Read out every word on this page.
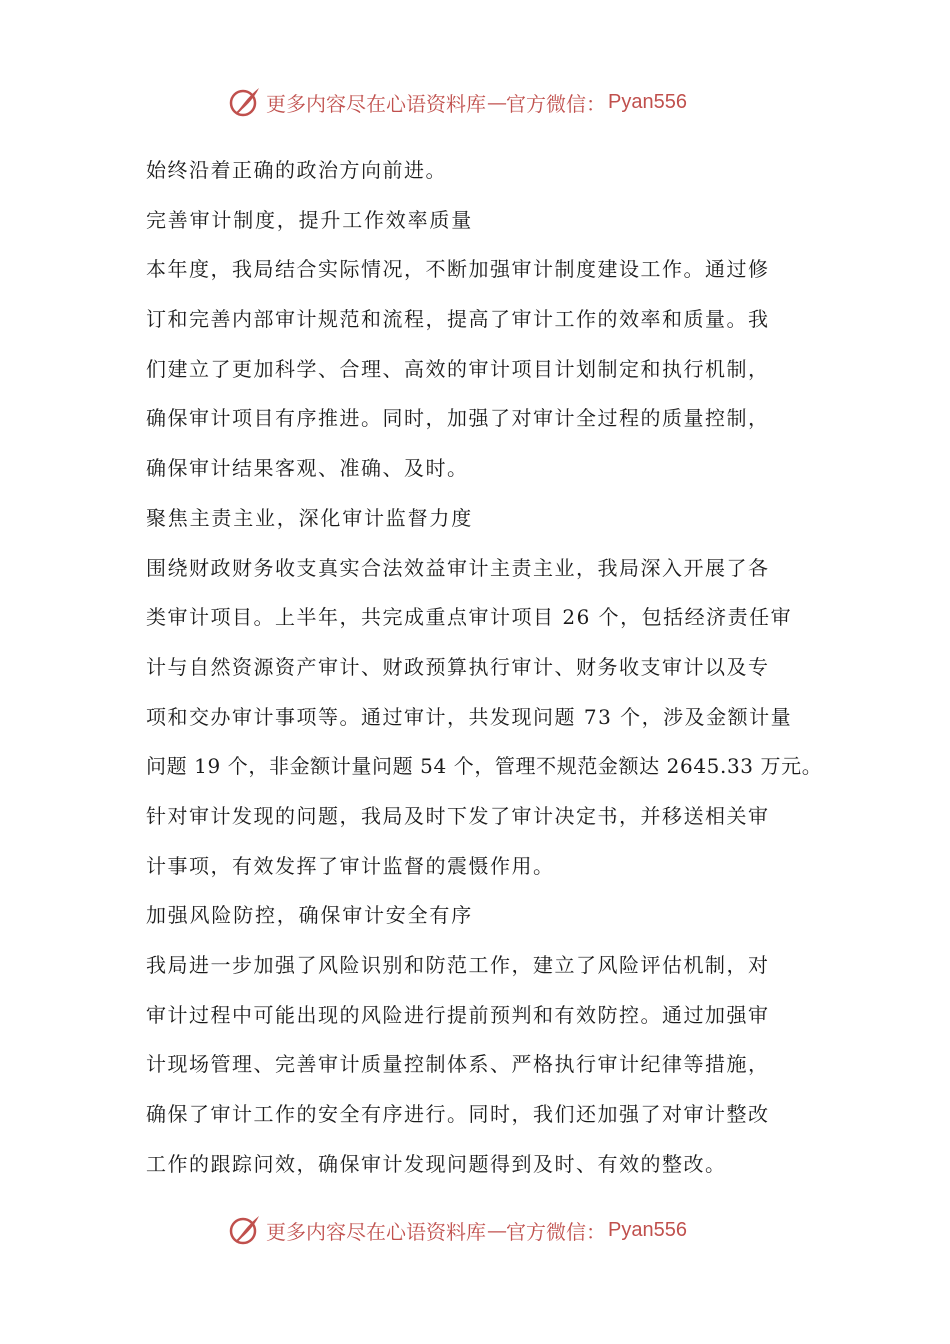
更多内容尽在心语资料库 — 官方微信： Pyan556
始终沿着正确的政治方向前进。
完善审计制度，提升工作效率质量
本年度，我局结合实际情况，不断加强审计制度建设工作。通过修
订和完善内部审计规范和流程，提高了审计工作的效率和质量。我
们建立了更加科学、合理、高效的审计项目计划制定和执行机制，
确保审计项目有序推进。同时，加强了对审计全过程的质量控制，
确保审计结果客观、准确、及时。
聚焦主责主业，深化审计监督力度
围绕财政财务收支真实合法效益审计主责主业，我局深入开展了各
类审计项目。上半年，共完成重点审计项目 26 个，包括经济责任审
计与自然资源资产审计、财政预算执行审计、财务收支审计以及专
项和交办审计事项等。通过审计，共发现问题 73 个，涉及金额计量
问题 19 个，非金额计量问题 54 个，管理不规范金额达 2645.33 万元。
针对审计发现的问题，我局及时下发了审计决定书，并移送相关审
计事项，有效发挥了审计监督的震慑作用。
加强风险防控，确保审计安全有序
我局进一步加强了风险识别和防范工作，建立了风险评估机制，对
审计过程中可能出现的风险进行提前预判和有效防控。通过加强审
计现场管理、完善审计质量控制体系、严格执行审计纪律等措施，
确保了审计工作的安全有序进行。同时，我们还加强了对审计整改
工作的跟踪问效，确保审计发现问题得到及时、有效的整改。
更多内容尽在心语资料库 — 官方微信： Pyan556
